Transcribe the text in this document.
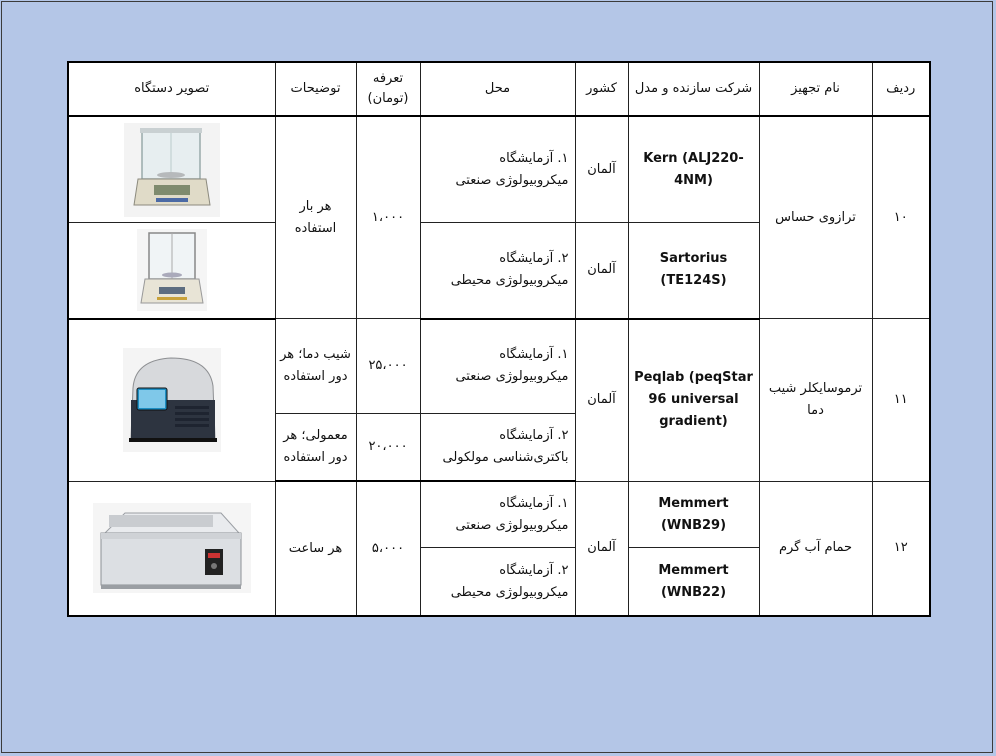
ردیف	نام تجهیز	شرکت سازنده و مدل	کشور	محل	تعرفه (تومان)	توضیحات	تصویر دستگاه
۱۰	ترازوی حساس	Kern (ALJ220-4NM)	آلمان	۱. آزمایشگاه
میکروبیولوژی صنعتی	۱،۰۰۰	هر بار استفاده	

		Sartorius (TE124S)	آلمان	۲. آزمایشگاه
میکروبیولوژی محیطی

۱۱	ترموسایکلر شیب دما	Peqlab (peqStar 96 universal gradient)	آلمان	۱. آزمایشگاه
میکروبیولوژی صنعتی	۲۵،۰۰۰	شیب دما؛ هر دور استفاده	

				۲. آزمایشگاه
باکتری‌شناسی مولکولی	۲۰،۰۰۰	معمولی؛ هر دور استفاده	
۱۲	حمام آب گرم	Memmert (WNB29)	آلمان	۱. آزمایشگاه
میکروبیولوژی صنعتی	۵،۰۰۰	هر ساعت	

		Memmert (WNB22)		۲. آزمایشگاه
میکروبیولوژی محیطی			
